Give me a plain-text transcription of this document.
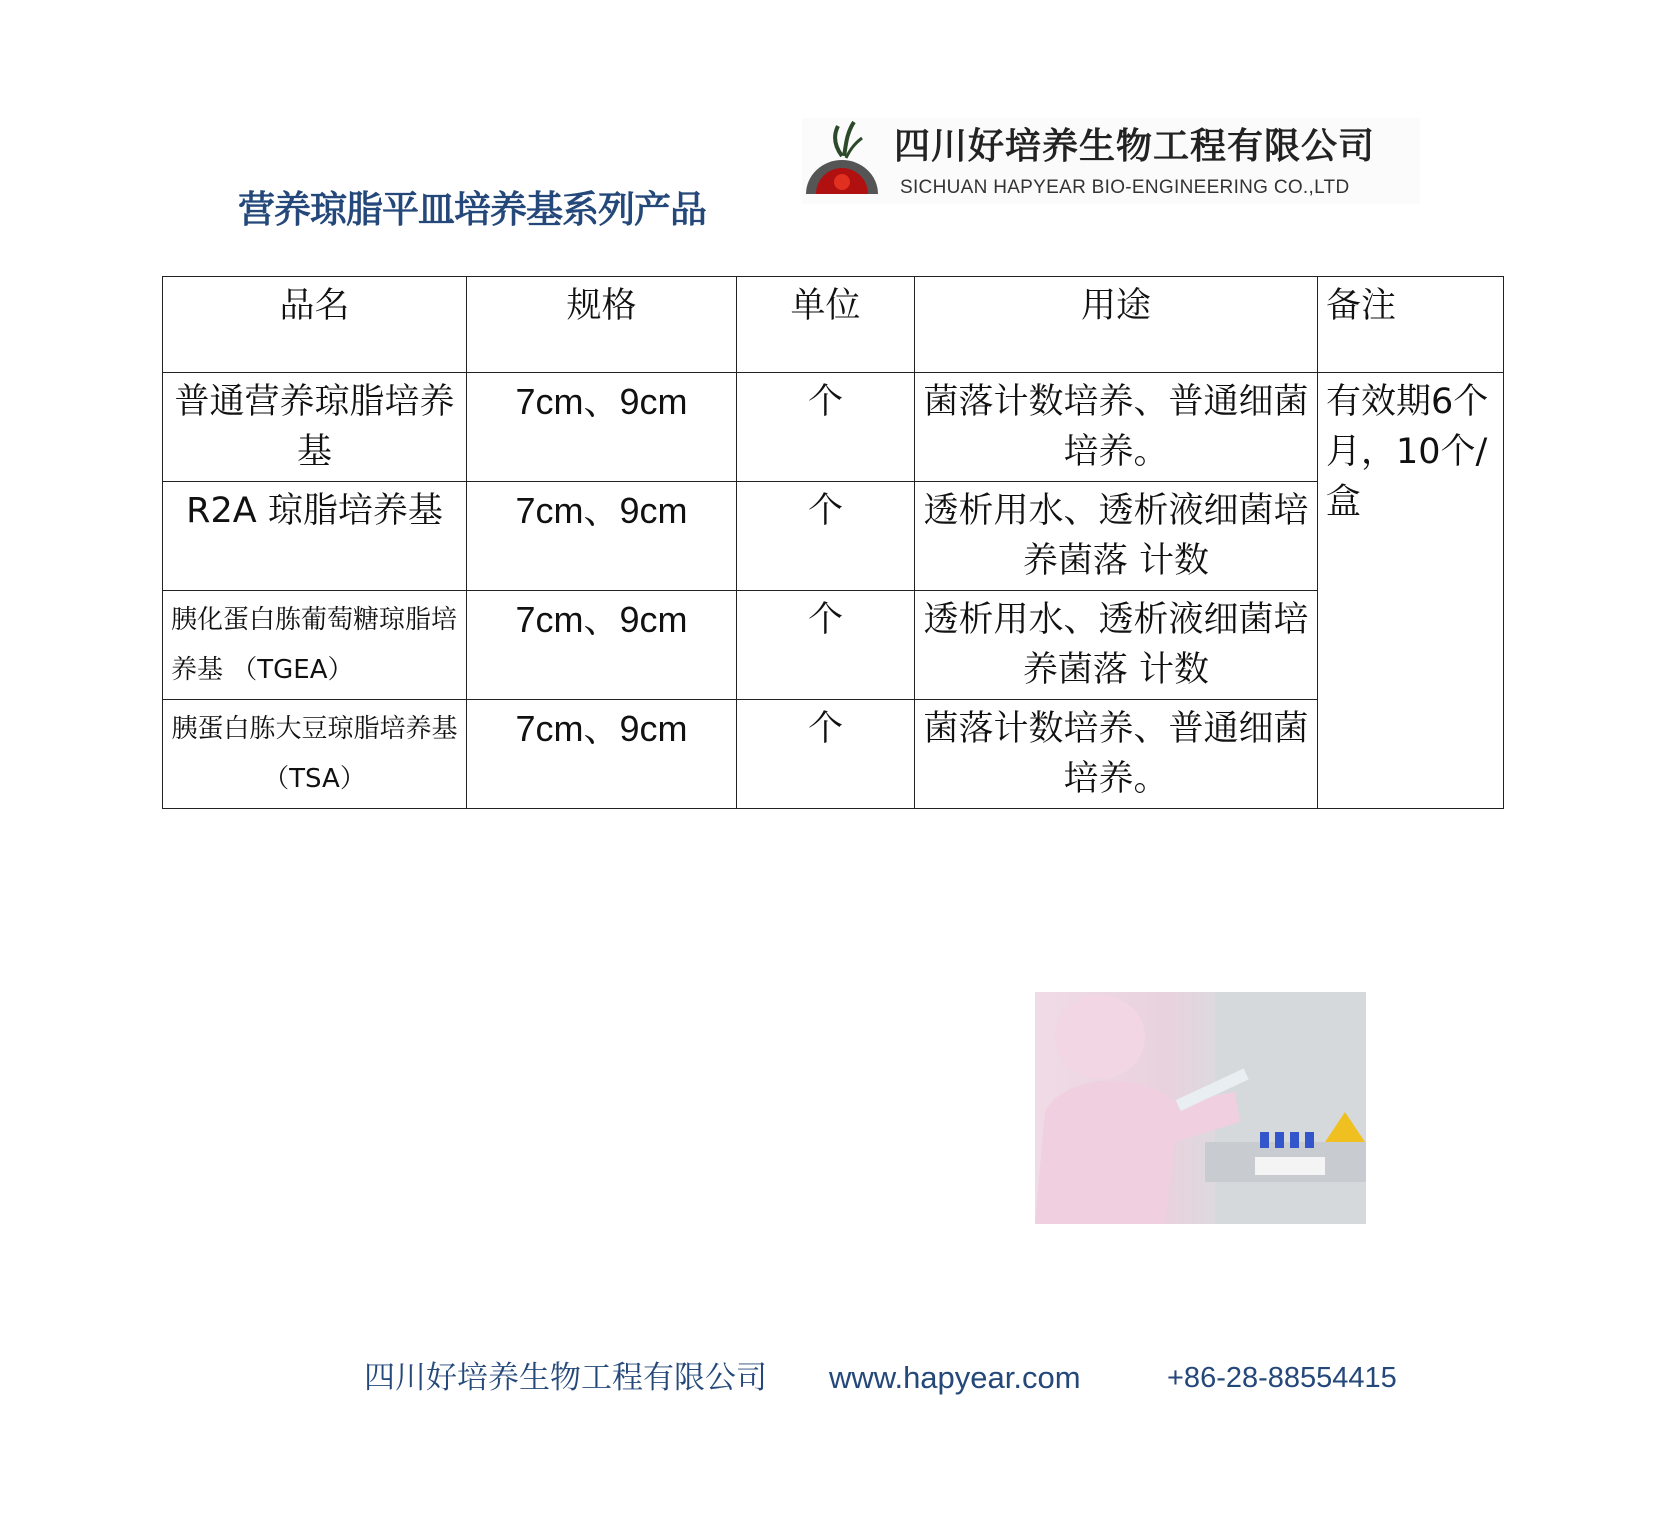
营养琼脂平皿培养基系列产品
四川好培养生物工程有限公司
SICHUAN HAPYEAR BIO-ENGINEERING CO.,LTD
品名	规格	单位	用途	备注
普通营养琼脂培养基	7cm、9cm	个	菌落计数培养、普通细菌培养。	有效期6个月，10个/盒
R2A 琼脂培养基	7cm、9cm	个	透析用水、透析液细菌培养菌落 计数	
胰化蛋白胨葡萄糖琼脂培养基 （TGEA）	7cm、9cm	个	透析用水、透析液细菌培养菌落 计数	
胰蛋白胨大豆琼脂培养基（TSA）	7cm、9cm	个	菌落计数培养、普通细菌培养。	
四川好培养生物工程有限公司 www.hapyear.com	+86-28-88554415
